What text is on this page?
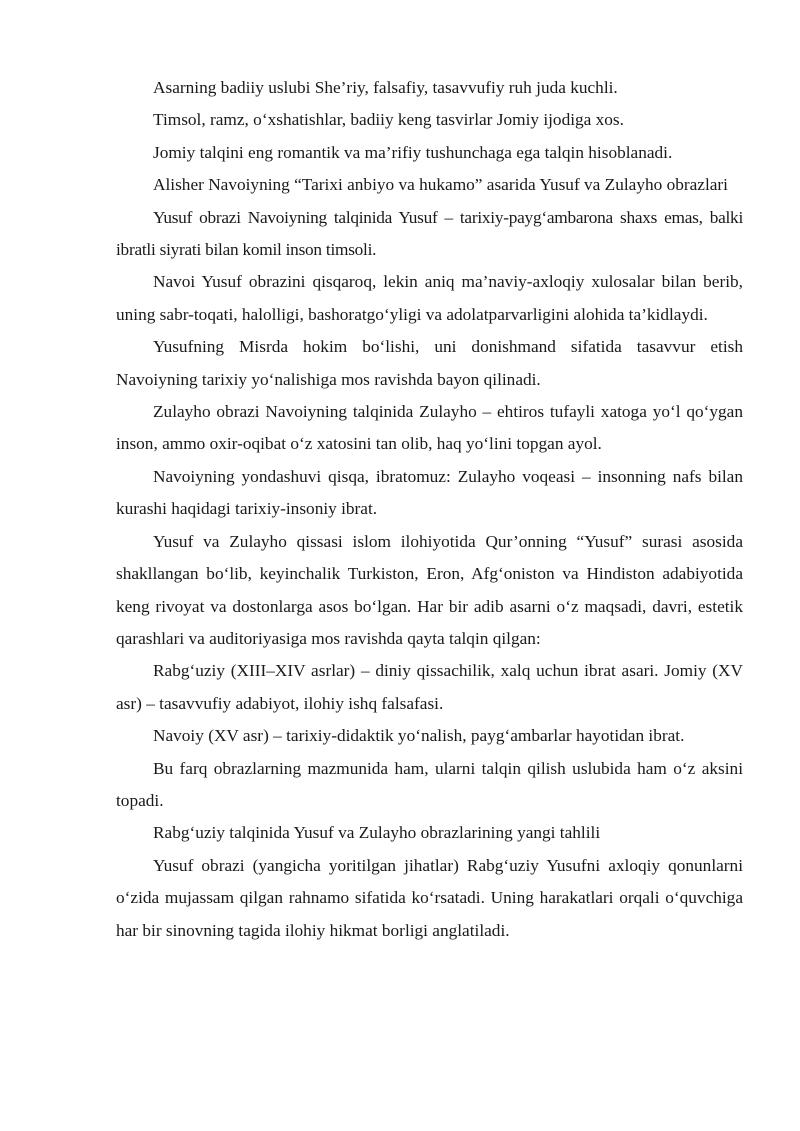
Asarning badiiy uslubi She’riy, falsafiy, tasavvufiy ruh juda kuchli.

Timsol, ramz, o‘xshatishlar, badiiy keng tasvirlar Jomiy ijodiga xos.

Jomiy talqini eng romantik va ma’rifiy tushunchaga ega talqin hisoblanadi.

Alisher Navoiyning “Tarixi anbiyo va hukamo” asarida Yusuf va Zulayho obrazlari

Yusuf obrazi Navoiyning talqinida Yusuf – tarixiy-payg‘ambarona shaxs emas, balki ibratli siyrati bilan komil inson timsoli.

Navoi Yusuf obrazini qisqaroq, lekin aniq ma’naviy-axloqiy xulosalar bilan berib, uning sabr-toqati, halolligi, bashoratgo‘yligi va adolatparvarligini alohida ta’kidlaydi.

Yusufning Misrda hokim bo‘lishi, uni donishmand sifatida tasavvur etish Navoiyning tarixiy yo‘nalishiga mos ravishda bayon qilinadi.

Zulayho obrazi Navoiyning talqinida Zulayho – ehtiros tufayli xatoga yo‘l qo‘ygan inson, ammo oxir-oqibat o‘z xatosini tan olib, haq yo‘lini topgan ayol.

Navoiyning yondashuvi qisqa, ibratomuz: Zulayho voqeasi – insonning nafs bilan kurashi haqidagi tarixiy-insoniy ibrat.

Yusuf va Zulayho qissasi islom ilohiyotida Qur’onning “Yusuf” surasi asosida shakllangan bo‘lib, keyinchalik Turkiston, Eron, Afg‘oniston va Hindiston adabiyotida keng rivoyat va dostonlarga asos bo‘lgan. Har bir adib asarni o‘z maqsadi, davri, estetik qarashlari va auditoriyasiga mos ravishda qayta talqin qilgan:

Rabg‘uziy (XIII–XIV asrlar) – diniy qissachilik, xalq uchun ibrat asari. Jomiy (XV asr) – tasavvufiy adabiyot, ilohiy ishq falsafasi.

Navoiy (XV asr) – tarixiy-didaktik yo‘nalish, payg‘ambarlar hayotidan ibrat.

Bu farq obrazlarning mazmunida ham, ularni talqin qilish uslubida ham o‘z aksini topadi.

Rabg‘uziy talqinida Yusuf va Zulayho obrazlarining yangi tahlili

Yusuf obrazi (yangicha yoritilgan jihatlar) Rabg‘uziy Yusufni axloqiy qonunlarni o‘zida mujassam qilgan rahnamo sifatida ko‘rsatadi. Uning harakatlari orqali o‘quvchiga har bir sinovning tagida ilohiy hikmat borligi anglatiladi.
